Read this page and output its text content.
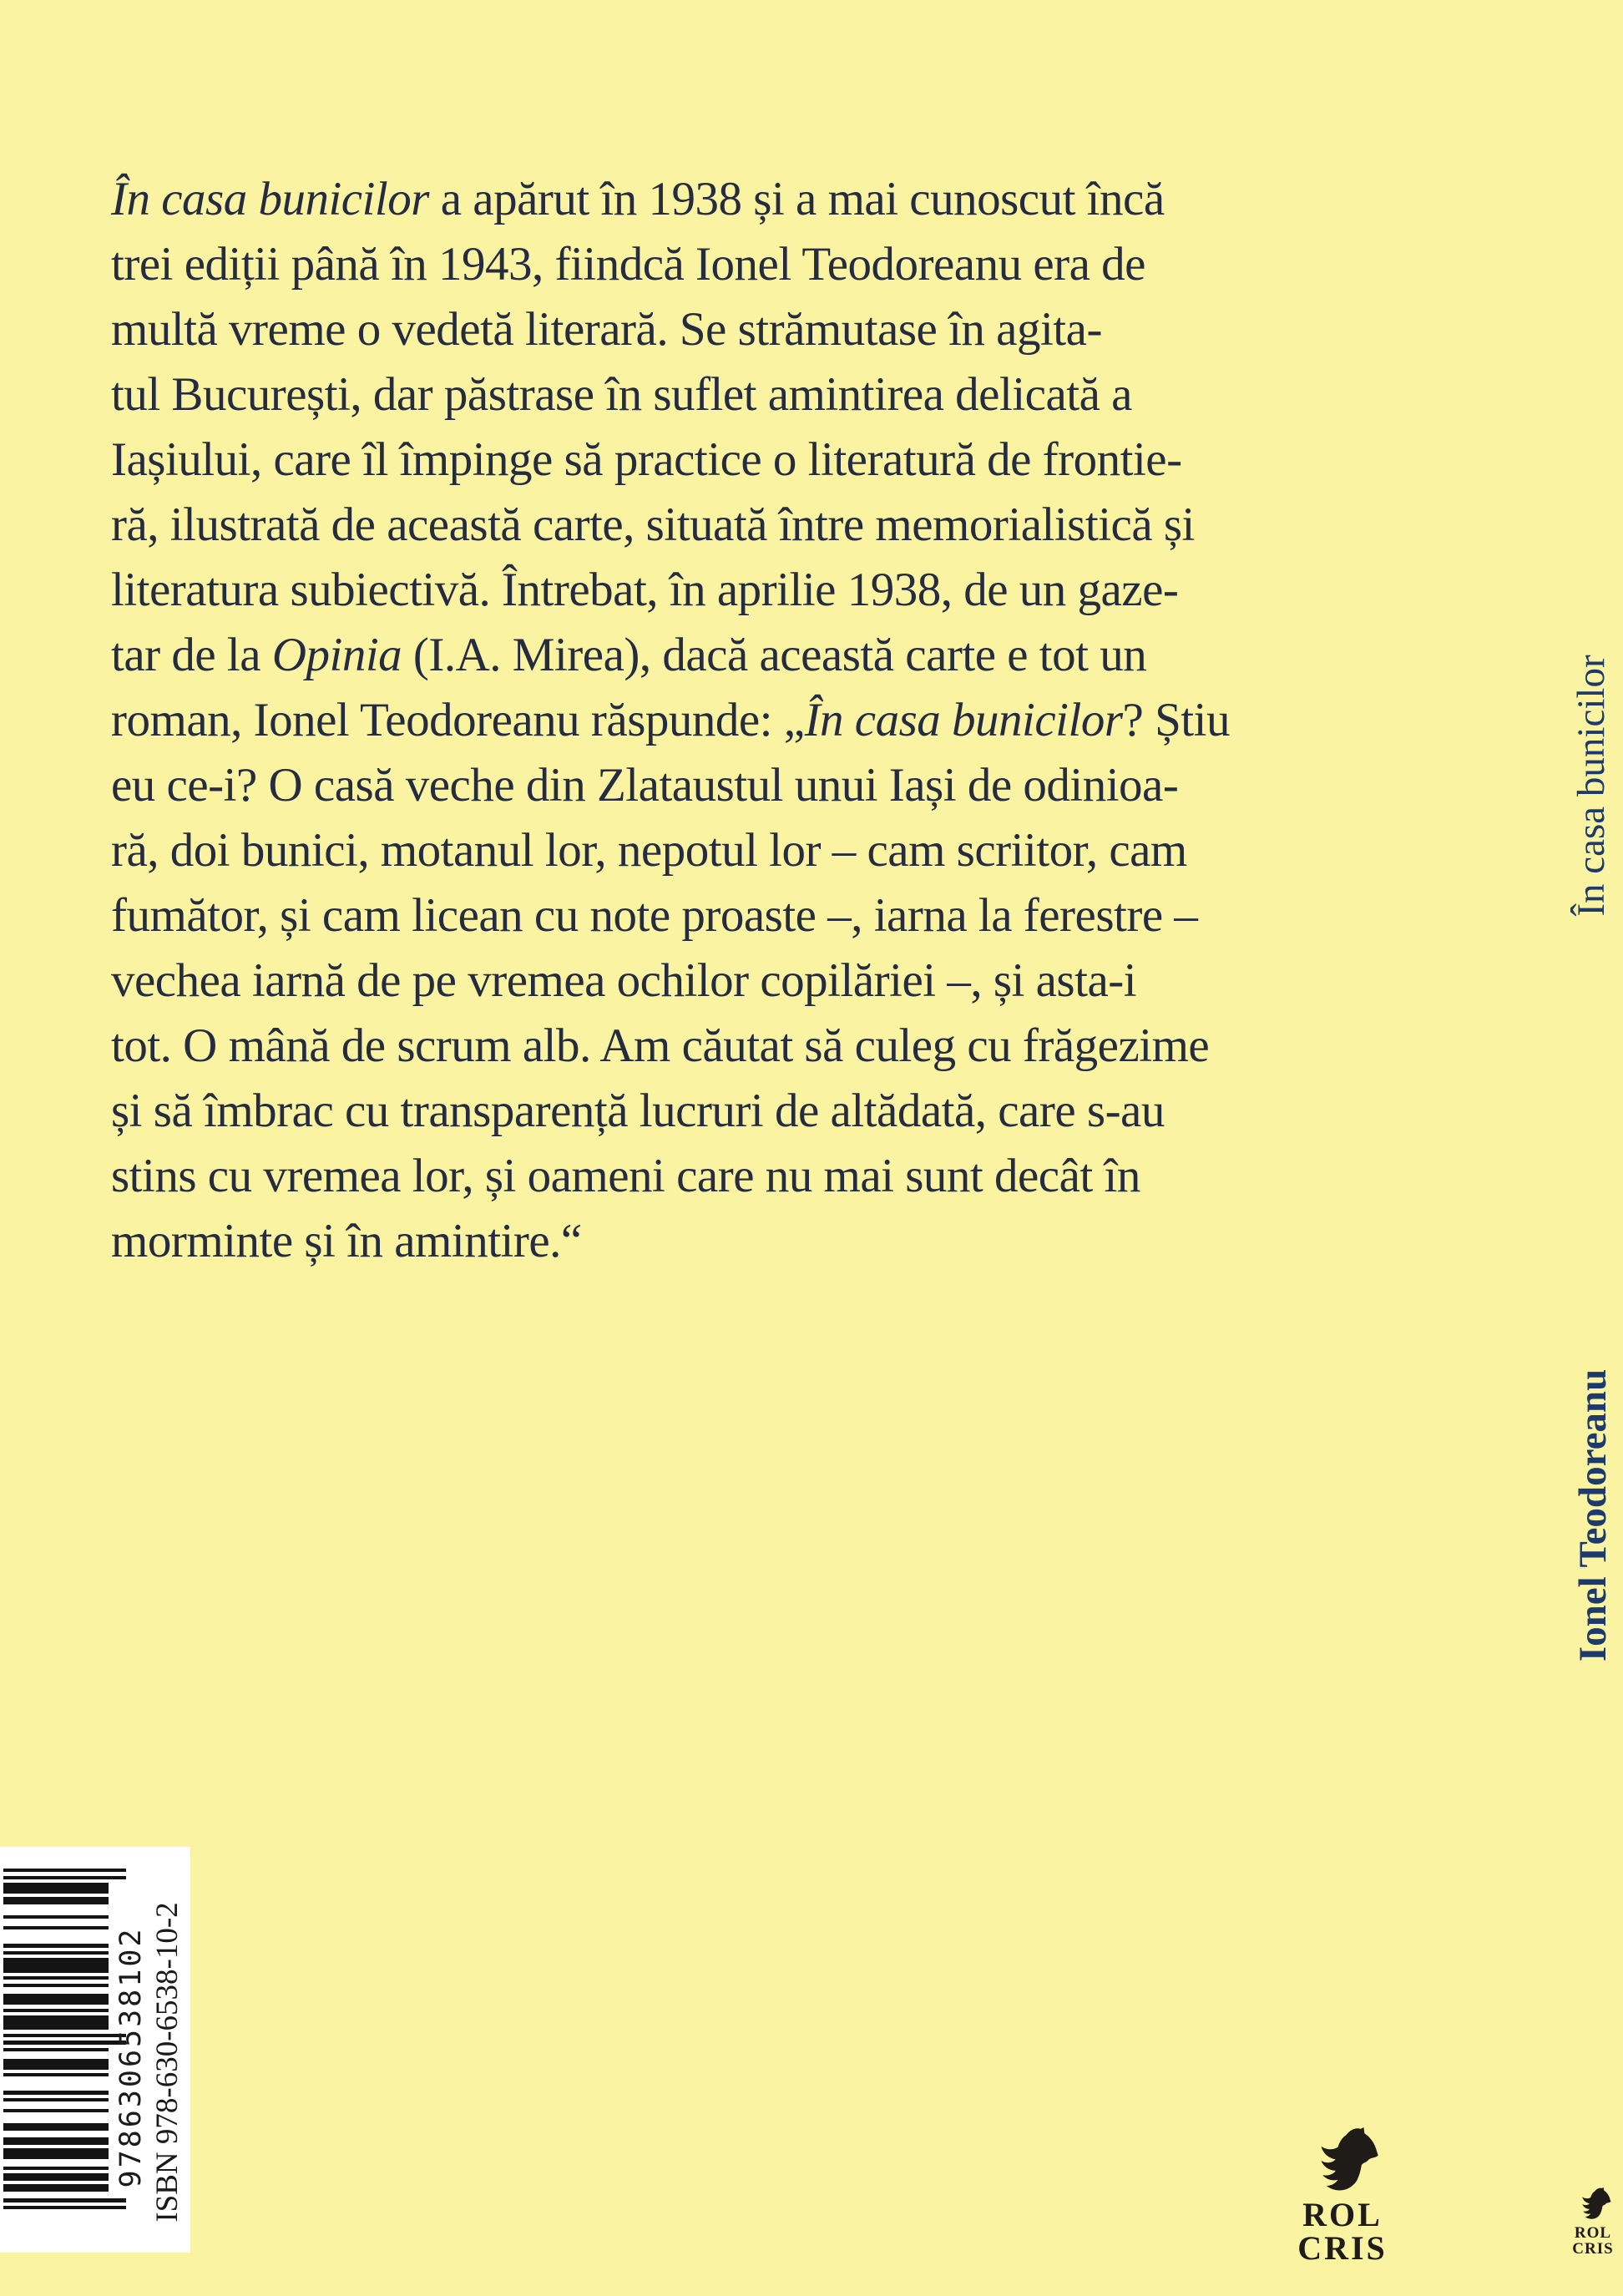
În casa bunicilor a apărut în 1938 și a mai cunoscut încă
trei ediții până în 1943, fiindcă Ionel Teodoreanu era de
multă vreme o vedetă literară. Se strămutase în agita-
tul București, dar păstrase în suflet amintirea delicată a
Iașiului, care îl împinge să practice o literatură de frontie-
ră, ilustrată de această carte, situată între memorialistică și
literatura subiectivă. Întrebat, în aprilie 1938, de un gaze-
tar de la Opinia (I.A. Mirea), dacă această carte e tot un
roman, Ionel Teodoreanu răspunde: „În casa bunicilor? Știu
eu ce-i? O casă veche din Zlataustul unui Iași de odinioa-
ră, doi bunici, motanul lor, nepotul lor – cam scriitor, cam
fumător, și cam licean cu note proaste –, iarna la ferestre –
vechea iarnă de pe vremea ochilor copilăriei –, și asta-i
tot. O mână de scrum alb. Am căutat să culeg cu frăgezime
și să îmbrac cu transparență lucruri de altădată, care s-au
stins cu vremea lor, și oameni care nu mai sunt decât în
morminte și în amintire.“
În casa bunicilor
Ionel Teodoreanu
9786306538102 ISBN 978-630-6538-10-2	ROL
CRIS	ROL
CRIS
